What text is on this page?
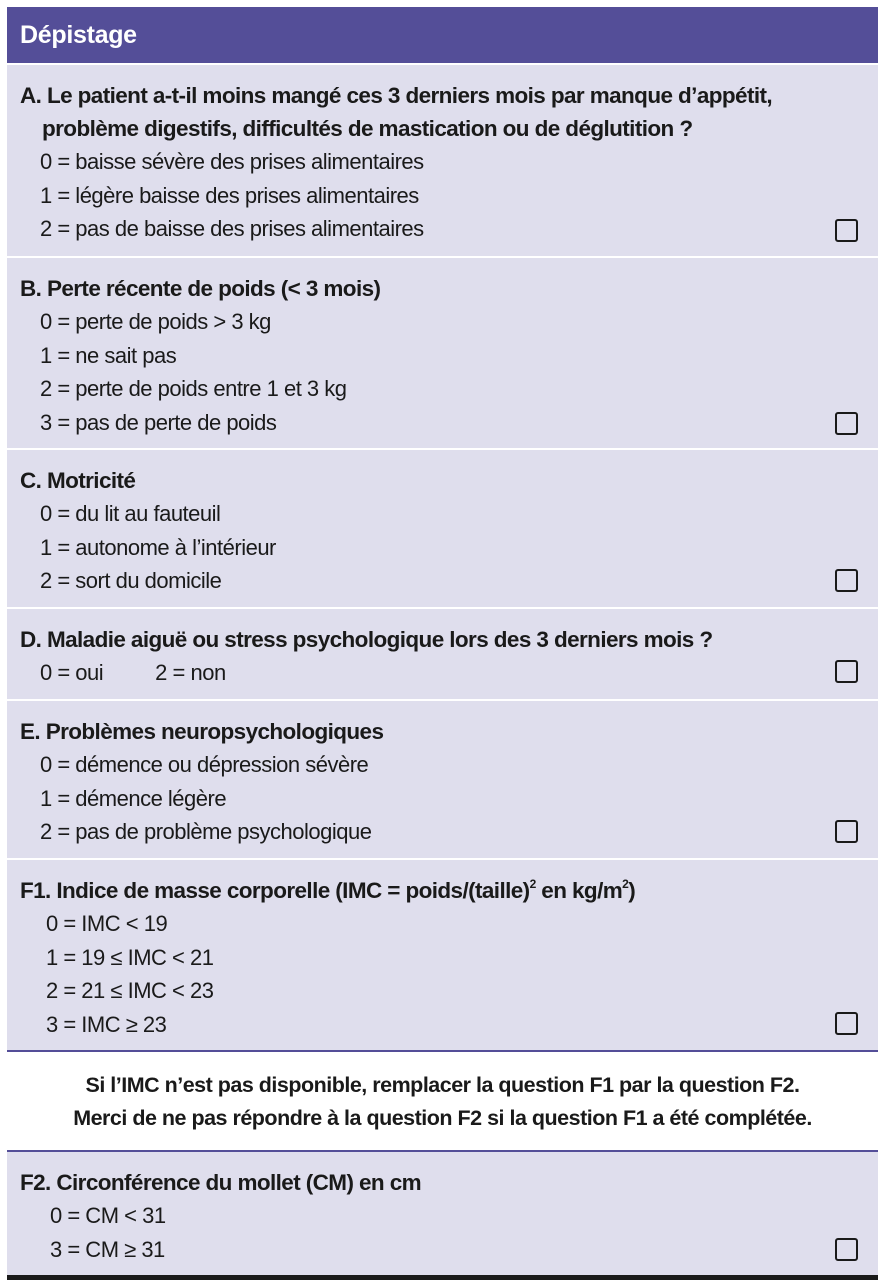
Dépistage
A. Le patient a-t-il moins mangé ces 3 derniers mois par manque d’appétit,
problème digestifs, difficultés de mastication ou de déglutition ?
0 = baisse sévère des prises alimentaires
1 = légère baisse des prises alimentaires
2 = pas de baisse des prises alimentaires
B. Perte récente de poids (< 3 mois)
0 = perte de poids > 3 kg
1 = ne sait pas
2 = perte de poids entre 1 et 3 kg
3 = pas de perte de poids
C. Motricité
0 = du lit au fauteuil
1 = autonome à l’intérieur
2 = sort du domicile
D. Maladie aiguë ou stress psychologique lors des 3 derniers mois ?
0 = oui 2 = non
E. Problèmes neuropsychologiques
0 = démence ou dépression sévère
1 = démence légère
2 = pas de problème psychologique
F1. Indice de masse corporelle (IMC = poids/(taille)$^2$ en $kg/m^2$)
0 = IMC < 19
1 = 19 ≤ IMC < 21
2 = 21 ≤ IMC < 23
3 = IMC ≥ 23
Si l’IMC n’est pas disponible, remplacer la question F1 par la question F2.
Merci de ne pas répondre à la question F2 si la question F1 a été complétée.
F2. Circonférence du mollet (CM) en cm
0 = CM < 31
3 = CM ≥ 31
